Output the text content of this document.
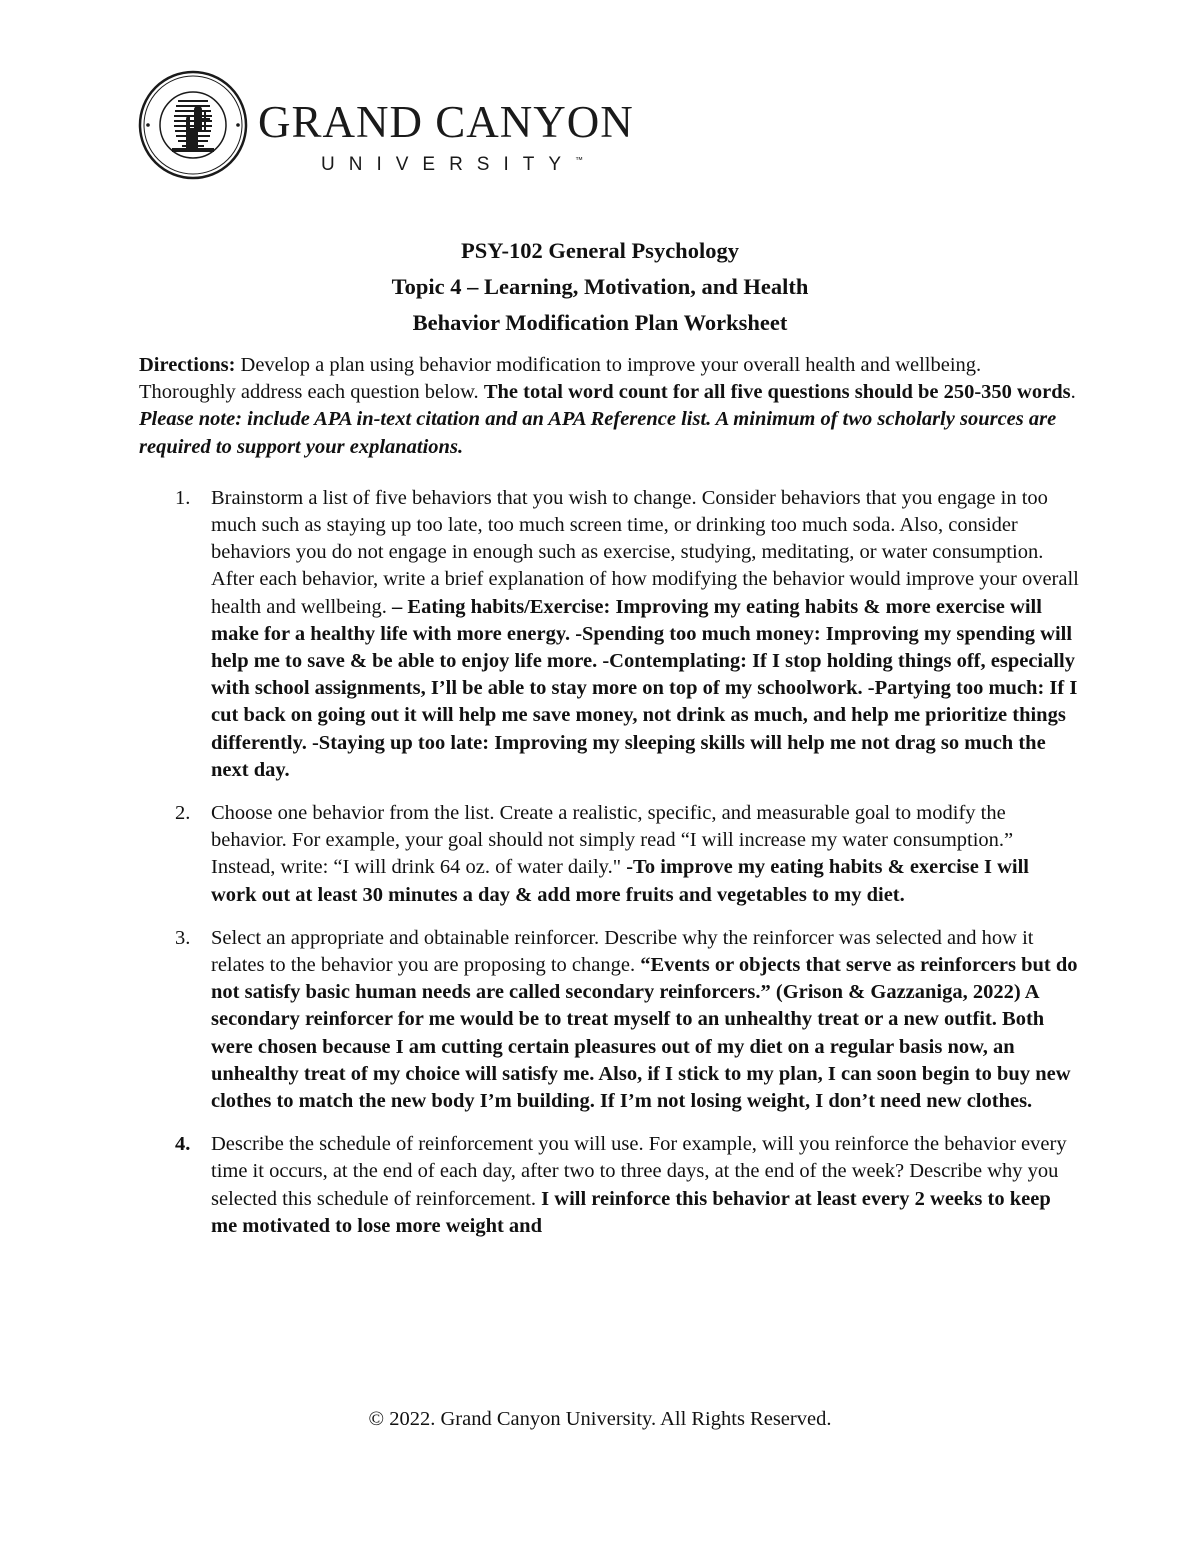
GRAND CANYON
UNIVERSITY™
PSY-102 General Psychology
Topic 4 – Learning, Motivation, and Health
Behavior Modification Plan Worksheet

Directions: Develop a plan using behavior modification to improve your overall health and wellbeing. Thoroughly address each question below. The total word count for all five questions should be 250-350 words. Please note: include APA in-text citation and an APA Reference list. A minimum of two scholarly sources are required to support your explanations.

1. Brainstorm a list of five behaviors that you wish to change. Consider behaviors that you engage in too much such as staying up too late, too much screen time, or drinking too much soda. Also, consider behaviors you do not engage in enough such as exercise, studying, meditating, or water consumption. After each behavior, write a brief explanation of how modifying the behavior would improve your overall health and wellbeing. – Eating habits/Exercise: Improving my eating habits & more exercise will make for a healthy life with more energy. -Spending too much money: Improving my spending will help me to save & be able to enjoy life more. -Contemplating: If I stop holding things off, especially with school assignments, I’ll be able to stay more on top of my schoolwork. -Partying too much: If I cut back on going out it will help me save money, not drink as much, and help me prioritize things differently. -Staying up too late: Improving my sleeping skills will help me not drag so much the next day.
2. Choose one behavior from the list. Create a realistic, specific, and measurable goal to modify the behavior. For example, your goal should not simply read “I will increase my water consumption.” Instead, write: “I will drink 64 oz. of water daily." -To improve my eating habits & exercise I will work out at least 30 minutes a day & add more fruits and vegetables to my diet.
3. Select an appropriate and obtainable reinforcer. Describe why the reinforcer was selected and how it relates to the behavior you are proposing to change. “Events or objects that serve as reinforcers but do not satisfy basic human needs are called secondary reinforcers.” (Grison & Gazzaniga, 2022) A secondary reinforcer for me would be to treat myself to an unhealthy treat or a new outfit. Both were chosen because I am cutting certain pleasures out of my diet on a regular basis now, an unhealthy treat of my choice will satisfy me. Also, if I stick to my plan, I can soon begin to buy new clothes to match the new body I’m building. If I’m not losing weight, I don’t need new clothes.
4. Describe the schedule of reinforcement you will use. For example, will you reinforce the behavior every time it occurs, at the end of each day, after two to three days, at the end of the week? Describe why you selected this schedule of reinforcement. I will reinforce this behavior at least every 2 weeks to keep me motivated to lose more weight and
© 2022. Grand Canyon University. All Rights Reserved.
